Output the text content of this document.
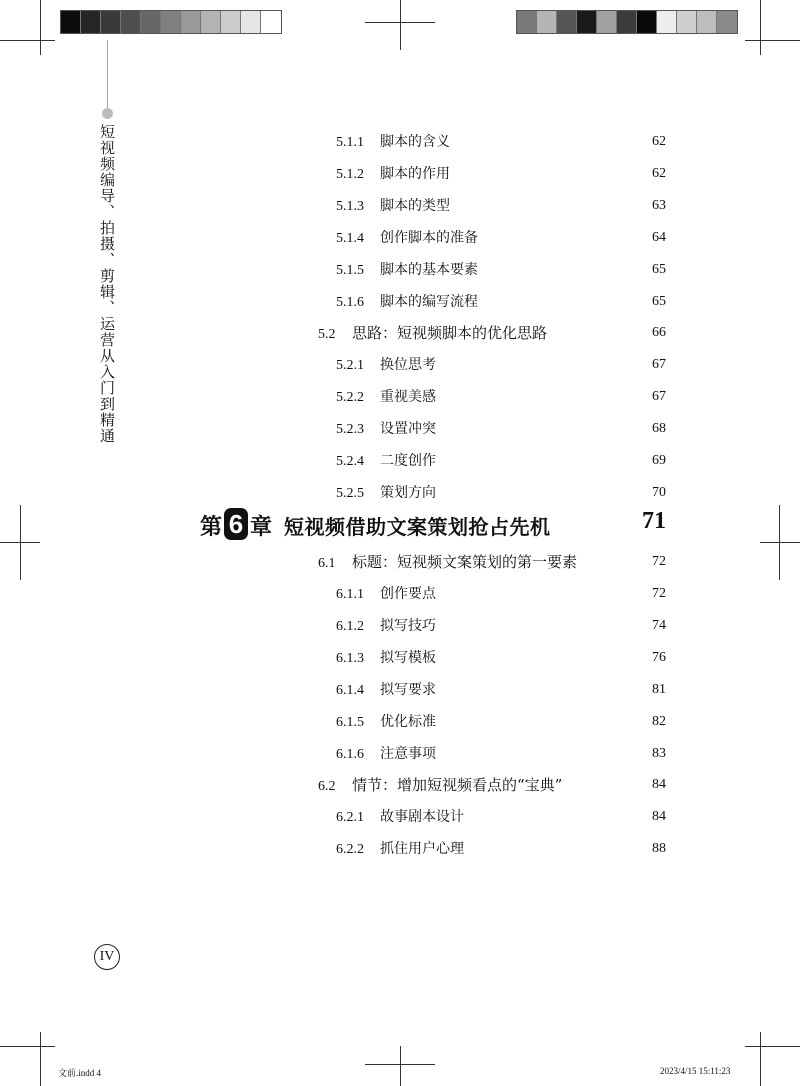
短视频编导、拍摄、剪辑、运营从入门到精通	5.1.1 脚本的含义	62
5.1.2 脚本的作用	62
5.1.3 脚本的类型	63
5.1.4 创作脚本的准备	64
5.1.5 脚本的基本要素	65
5.1.6 脚本的编写流程	65
5.2 思路：短视频脚本的优化思路	66
5.2.1 换位思考	67
5.2.2 重视美感	67
5.2.3 设置冲突	68
5.2.4 二度创作	69
5.2.5 策划方向	70
第 6 章 短视频借助文案策划抢占先机	71
6.1 标题：短视频文案策划的第一要素	72
6.1.1 创作要点	72
6.1.2 拟写技巧	74
6.1.3 拟写模板	76
6.1.4 拟写要求	81
6.1.5 优化标准	82
6.1.6 注意事项	83
6.2 情节：增加短视频看点的“宝典”	84
6.2.1 故事剧本设计	84
6.2.2 抓住用户心理	88
IV
文前.indd 4	2023/4/15 15:11:23
